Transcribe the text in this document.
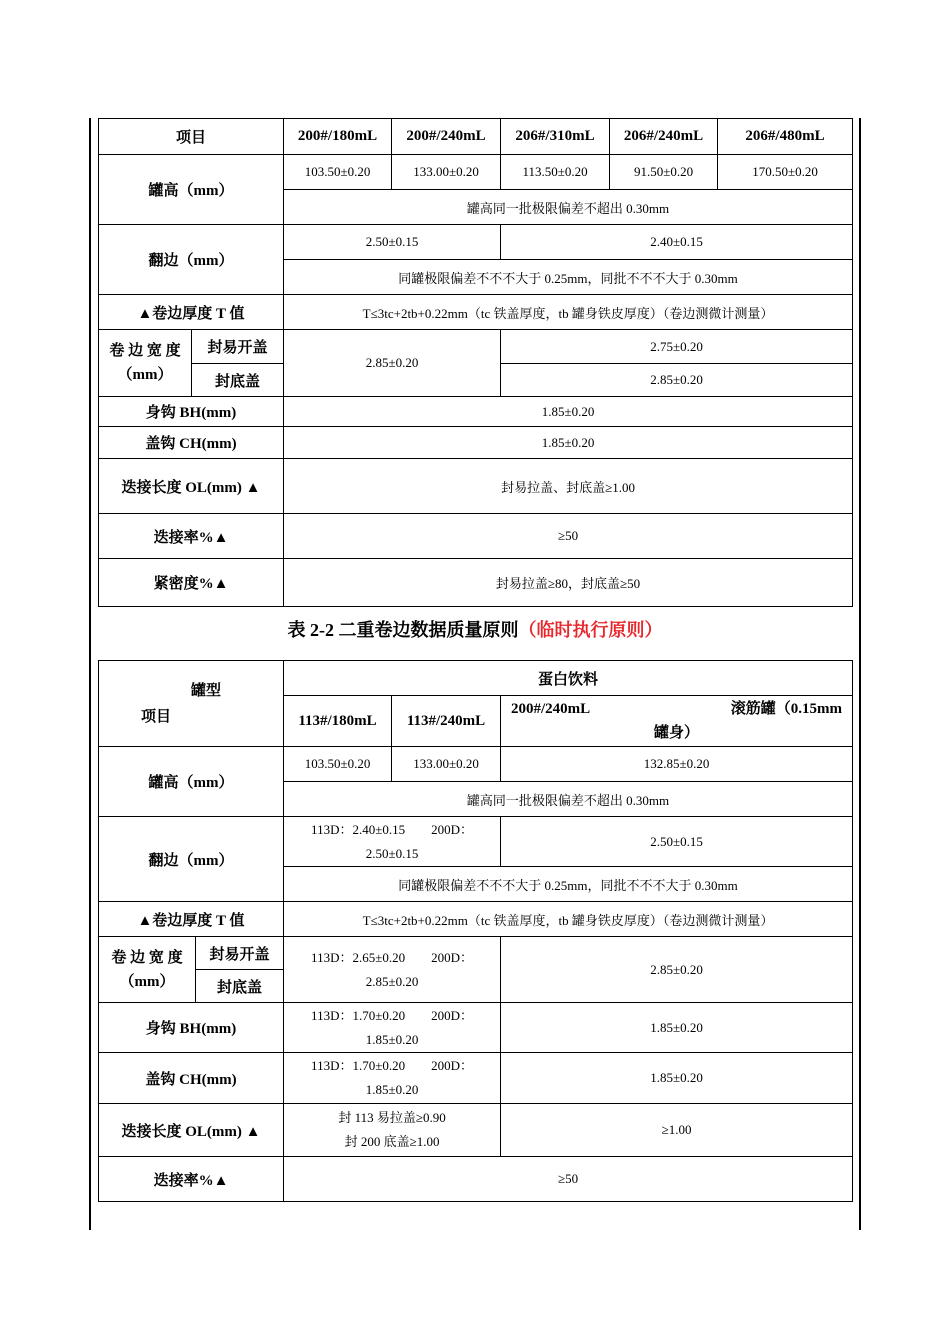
项目		200#/180mL	200#/240mL	206#/310mL	206#/240mL	206#/480mL
罐高（mm）		103.50±0.20	133.00±0.20	113.50±0.20	91.50±0.20	170.50±0.20
		罐高同一批极限偏差不超出 0.30mm				
翻边（mm）		2.50±0.15		2.40±0.15		
		同罐极限偏差不不不大于 0.25mm，同批不不不大于 0.30mm				
▲卷边厚度 T 值		T≤3tc+2tb+0.22mm（tc 铁盖厚度，tb 罐身铁皮厚度）（卷边测微计测量）				
卷 边 宽 度（mm）	封易开盖	2.85±0.20		2.75±0.20		
	封底盖			2.85±0.20		
身钩 BH(mm)		1.85±0.20				
盖钩 CH(mm)		1.85±0.20				
迭接长度 OL(mm) ▲		封易拉盖、封底盖≥1.00				
迭接率%▲		≥50				
紧密度%▲		封易拉盖≥80，封底盖≥50				
表 2-2 二重卷边数据质量原则（临时执行原则）
罐型
项目		蛋白饮料		
		113#/180mL	113#/240mL	200#/240mL 滚筋罐（0.15mm
罐身）

罐高（mm）		103.50±0.20	133.00±0.20	132.85±0.20
		罐高同一批极限偏差不超出 0.30mm		
翻边（mm）		113D：2.40±0.15        200D：
2.50±0.15		2.50±0.15
		同罐极限偏差不不不大于 0.25mm，同批不不不大于 0.30mm		
▲卷边厚度 T 值		T≤3tc+2tb+0.22mm（tc 铁盖厚度，tb 罐身铁皮厚度）（卷边测微计测量）		
卷 边 宽 度（mm）	封易开盖	113D：2.65±0.20        200D：
2.85±0.20		2.85±0.20
	封底盖			
身钩 BH(mm)		113D：1.70±0.20        200D：
1.85±0.20		1.85±0.20
盖钩 CH(mm)		113D：1.70±0.20        200D：
1.85±0.20		1.85±0.20
迭接长度 OL(mm) ▲		封 113 易拉盖≥0.90
封 200 底盖≥1.00		≥1.00
迭接率%▲		≥50		
